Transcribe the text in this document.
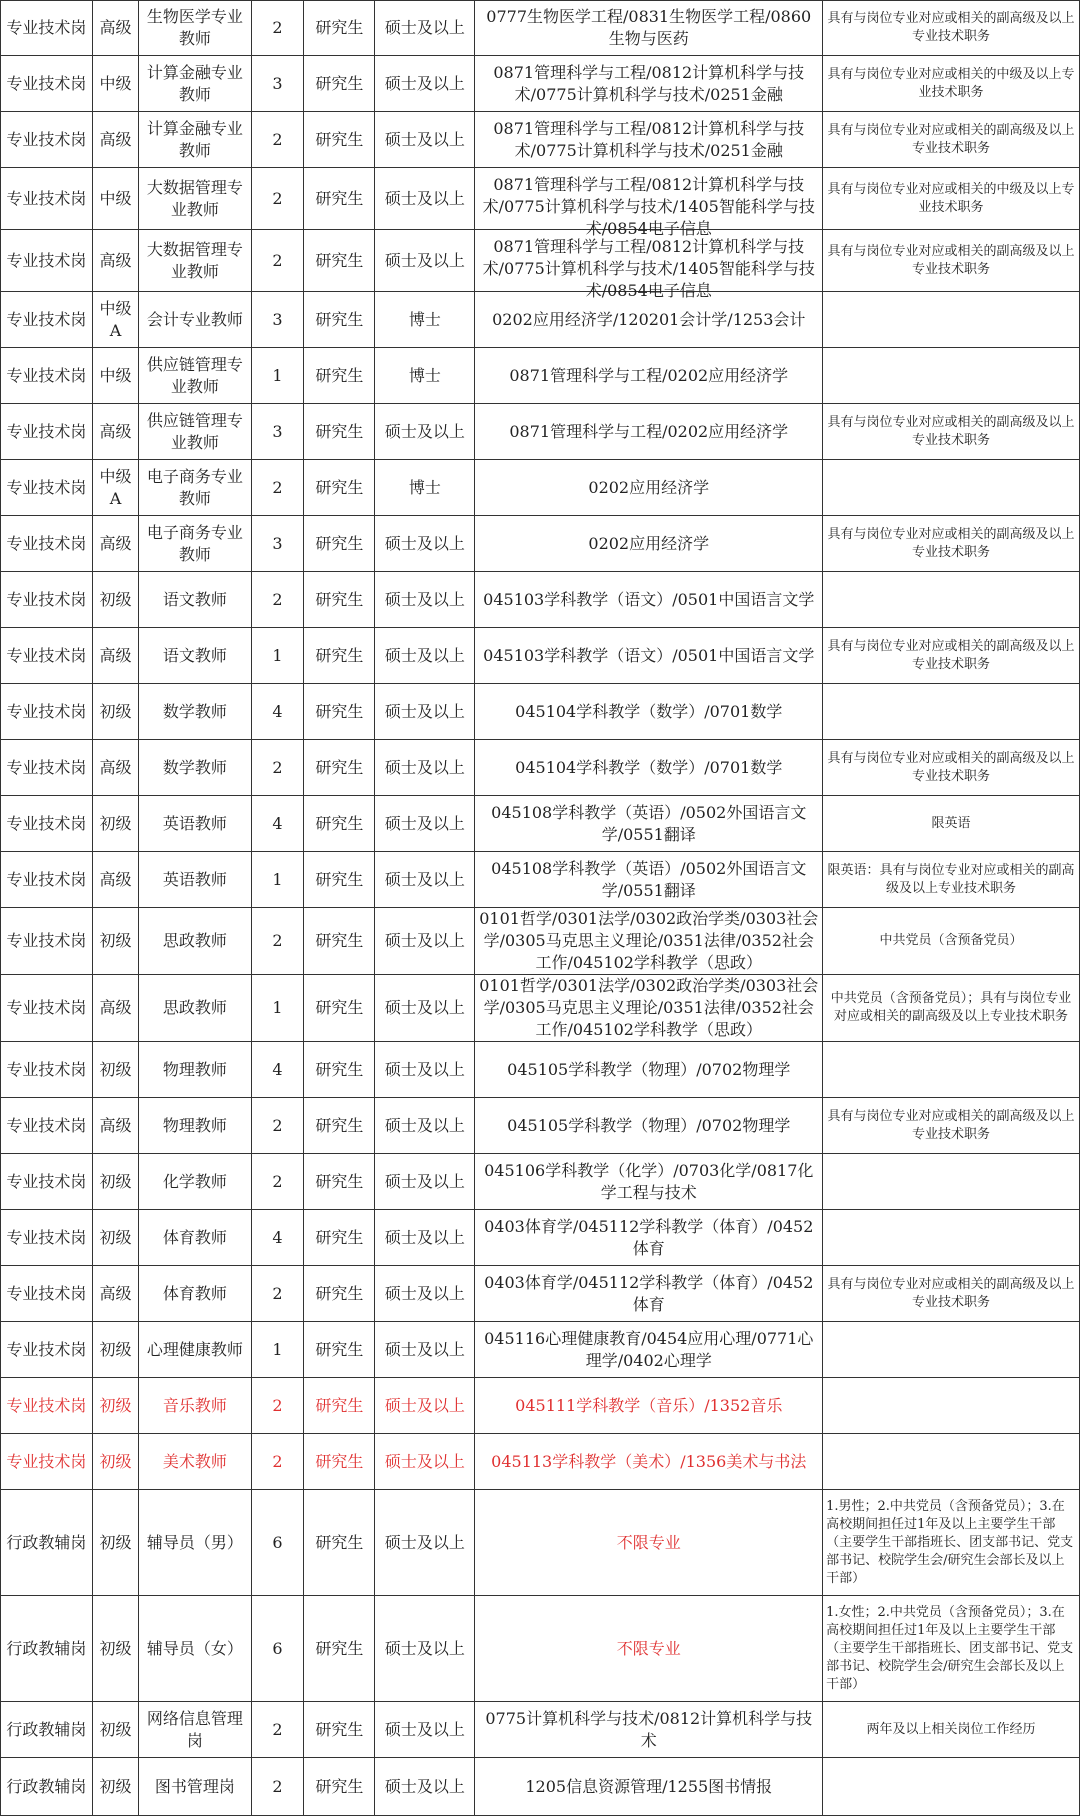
专业技术岗	高级	生物医学专业教师	2	研究生	硕士及以上	0777生物医学工程/0831生物医学工程/0860生物与医药	具有与岗位专业对应或相关的副高级及以上专业技术职务
专业技术岗	中级	计算金融专业教师	3	研究生	硕士及以上	0871管理科学与工程/0812计算机科学与技术/0775计算机科学与技术/0251金融	具有与岗位专业对应或相关的中级及以上专业技术职务
专业技术岗	高级	计算金融专业教师	2	研究生	硕士及以上	0871管理科学与工程/0812计算机科学与技术/0775计算机科学与技术/0251金融	具有与岗位专业对应或相关的副高级及以上专业技术职务
专业技术岗	中级	大数据管理专业教师	2	研究生	硕士及以上	0871管理科学与工程/0812计算机科学与技术/0775计算机科学与技术/1405智能科学与技术/0854电子信息	具有与岗位专业对应或相关的中级及以上专业技术职务
专业技术岗	高级	大数据管理专业教师	2	研究生	硕士及以上	0871管理科学与工程/0812计算机科学与技术/0775计算机科学与技术/1405智能科学与技术/0854电子信息	具有与岗位专业对应或相关的副高级及以上专业技术职务
专业技术岗	中级A	会计专业教师	3	研究生	博士	0202应用经济学/120201会计学/1253会计	
专业技术岗	中级	供应链管理专业教师	1	研究生	博士	0871管理科学与工程/0202应用经济学	
专业技术岗	高级	供应链管理专业教师	3	研究生	硕士及以上	0871管理科学与工程/0202应用经济学	具有与岗位专业对应或相关的副高级及以上专业技术职务
专业技术岗	中级A	电子商务专业教师	2	研究生	博士	0202应用经济学	
专业技术岗	高级	电子商务专业教师	3	研究生	硕士及以上	0202应用经济学	具有与岗位专业对应或相关的副高级及以上专业技术职务
专业技术岗	初级	语文教师	2	研究生	硕士及以上	045103学科教学（语文）/0501中国语言文学	
专业技术岗	高级	语文教师	1	研究生	硕士及以上	045103学科教学（语文）/0501中国语言文学	具有与岗位专业对应或相关的副高级及以上专业技术职务
专业技术岗	初级	数学教师	4	研究生	硕士及以上	045104学科教学（数学）/0701数学	
专业技术岗	高级	数学教师	2	研究生	硕士及以上	045104学科教学（数学）/0701数学	具有与岗位专业对应或相关的副高级及以上专业技术职务
专业技术岗	初级	英语教师	4	研究生	硕士及以上	045108学科教学（英语）/0502外国语言文学/0551翻译	限英语
专业技术岗	高级	英语教师	1	研究生	硕士及以上	045108学科教学（英语）/0502外国语言文学/0551翻译	限英语：具有与岗位专业对应或相关的副高级及以上专业技术职务
专业技术岗	初级	思政教师	2	研究生	硕士及以上	0101哲学/0301法学/0302政治学类/0303社会学/0305马克思主义理论/0351法律/0352社会工作/045102学科教学（思政）	中共党员（含预备党员）
专业技术岗	高级	思政教师	1	研究生	硕士及以上	0101哲学/0301法学/0302政治学类/0303社会学/0305马克思主义理论/0351法律/0352社会工作/045102学科教学（思政）	中共党员（含预备党员）；具有与岗位专业对应或相关的副高级及以上专业技术职务
专业技术岗	初级	物理教师	4	研究生	硕士及以上	045105学科教学（物理）/0702物理学	
专业技术岗	高级	物理教师	2	研究生	硕士及以上	045105学科教学（物理）/0702物理学	具有与岗位专业对应或相关的副高级及以上专业技术职务
专业技术岗	初级	化学教师	2	研究生	硕士及以上	045106学科教学（化学）/0703化学/0817化学工程与技术	
专业技术岗	初级	体育教师	4	研究生	硕士及以上	0403体育学/045112学科教学（体育）/0452体育	
专业技术岗	高级	体育教师	2	研究生	硕士及以上	0403体育学/045112学科教学（体育）/0452体育	具有与岗位专业对应或相关的副高级及以上专业技术职务
专业技术岗	初级	心理健康教师	1	研究生	硕士及以上	045116心理健康教育/0454应用心理/0771心理学/0402心理学	
专业技术岗	初级	音乐教师	2	研究生	硕士及以上	045111学科教学（音乐）/1352音乐	
专业技术岗	初级	美术教师	2	研究生	硕士及以上	045113学科教学（美术）/1356美术与书法	
行政教辅岗	初级	辅导员（男）	6	研究生	硕士及以上	不限专业	1.男性；2.中共党员（含预备党员）；3.在高校期间担任过1年及以上主要学生干部（主要学生干部指班长、团支部书记、党支部书记、校院学生会/研究生会部长及以上干部）
行政教辅岗	初级	辅导员（女）	6	研究生	硕士及以上	不限专业	1.女性；2.中共党员（含预备党员）；3.在高校期间担任过1年及以上主要学生干部（主要学生干部指班长、团支部书记、党支部书记、校院学生会/研究生会部长及以上干部）
行政教辅岗	初级	网络信息管理岗	2	研究生	硕士及以上	0775计算机科学与技术/0812计算机科学与技术	两年及以上相关岗位工作经历
行政教辅岗	初级	图书管理岗	2	研究生	硕士及以上	1205信息资源管理/1255图书情报	
